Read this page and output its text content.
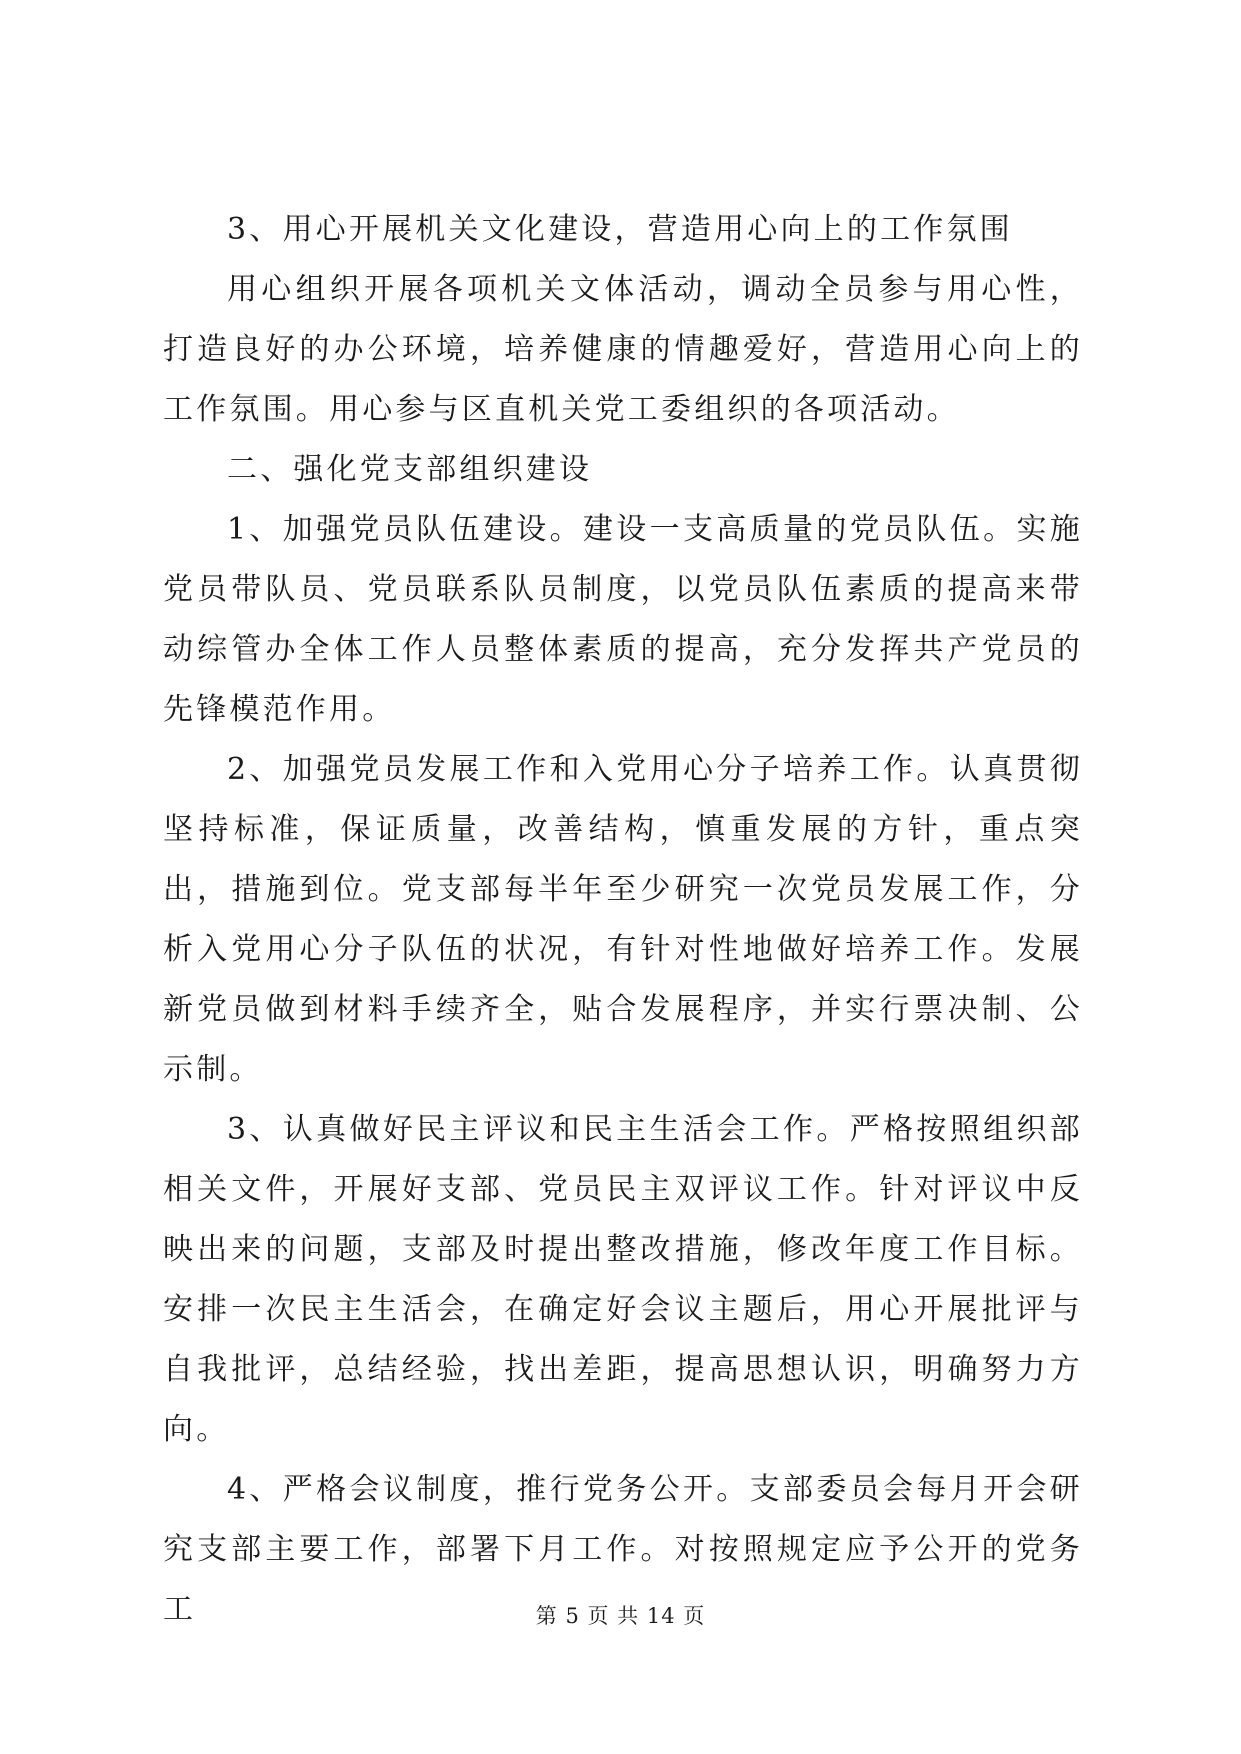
3、用心开展机关文化建设，营造用心向上的工作氛围

用心组织开展各项机关文体活动，调动全员参与用心性，打造良好的办公环境，培养健康的情趣爱好，营造用心向上的工作氛围。用心参与区直机关党工委组织的各项活动。

二、强化党支部组织建设

1、加强党员队伍建设。建设一支高质量的党员队伍。实施党员带队员、党员联系队员制度，以党员队伍素质的提高来带动综管办全体工作人员整体素质的提高，充分发挥共产党员的先锋模范作用。

2、加强党员发展工作和入党用心分子培养工作。认真贯彻坚持标准，保证质量，改善结构，慎重发展的方针，重点突出，措施到位。党支部每半年至少研究一次党员发展工作，分析入党用心分子队伍的状况，有针对性地做好培养工作。发展新党员做到材料手续齐全，贴合发展程序，并实行票决制、公示制。

3、认真做好民主评议和民主生活会工作。严格按照组织部相关文件，开展好支部、党员民主双评议工作。针对评议中反映出来的问题，支部及时提出整改措施，修改年度工作目标。安排一次民主生活会，在确定好会议主题后，用心开展批评与自我批评，总结经验，找出差距，提高思想认识，明确努力方向。

4、严格会议制度，推行党务公开。支部委员会每月开会研究支部主要工作，部署下月工作。对按照规定应予公开的党务工	第 5 页 共 14 页
